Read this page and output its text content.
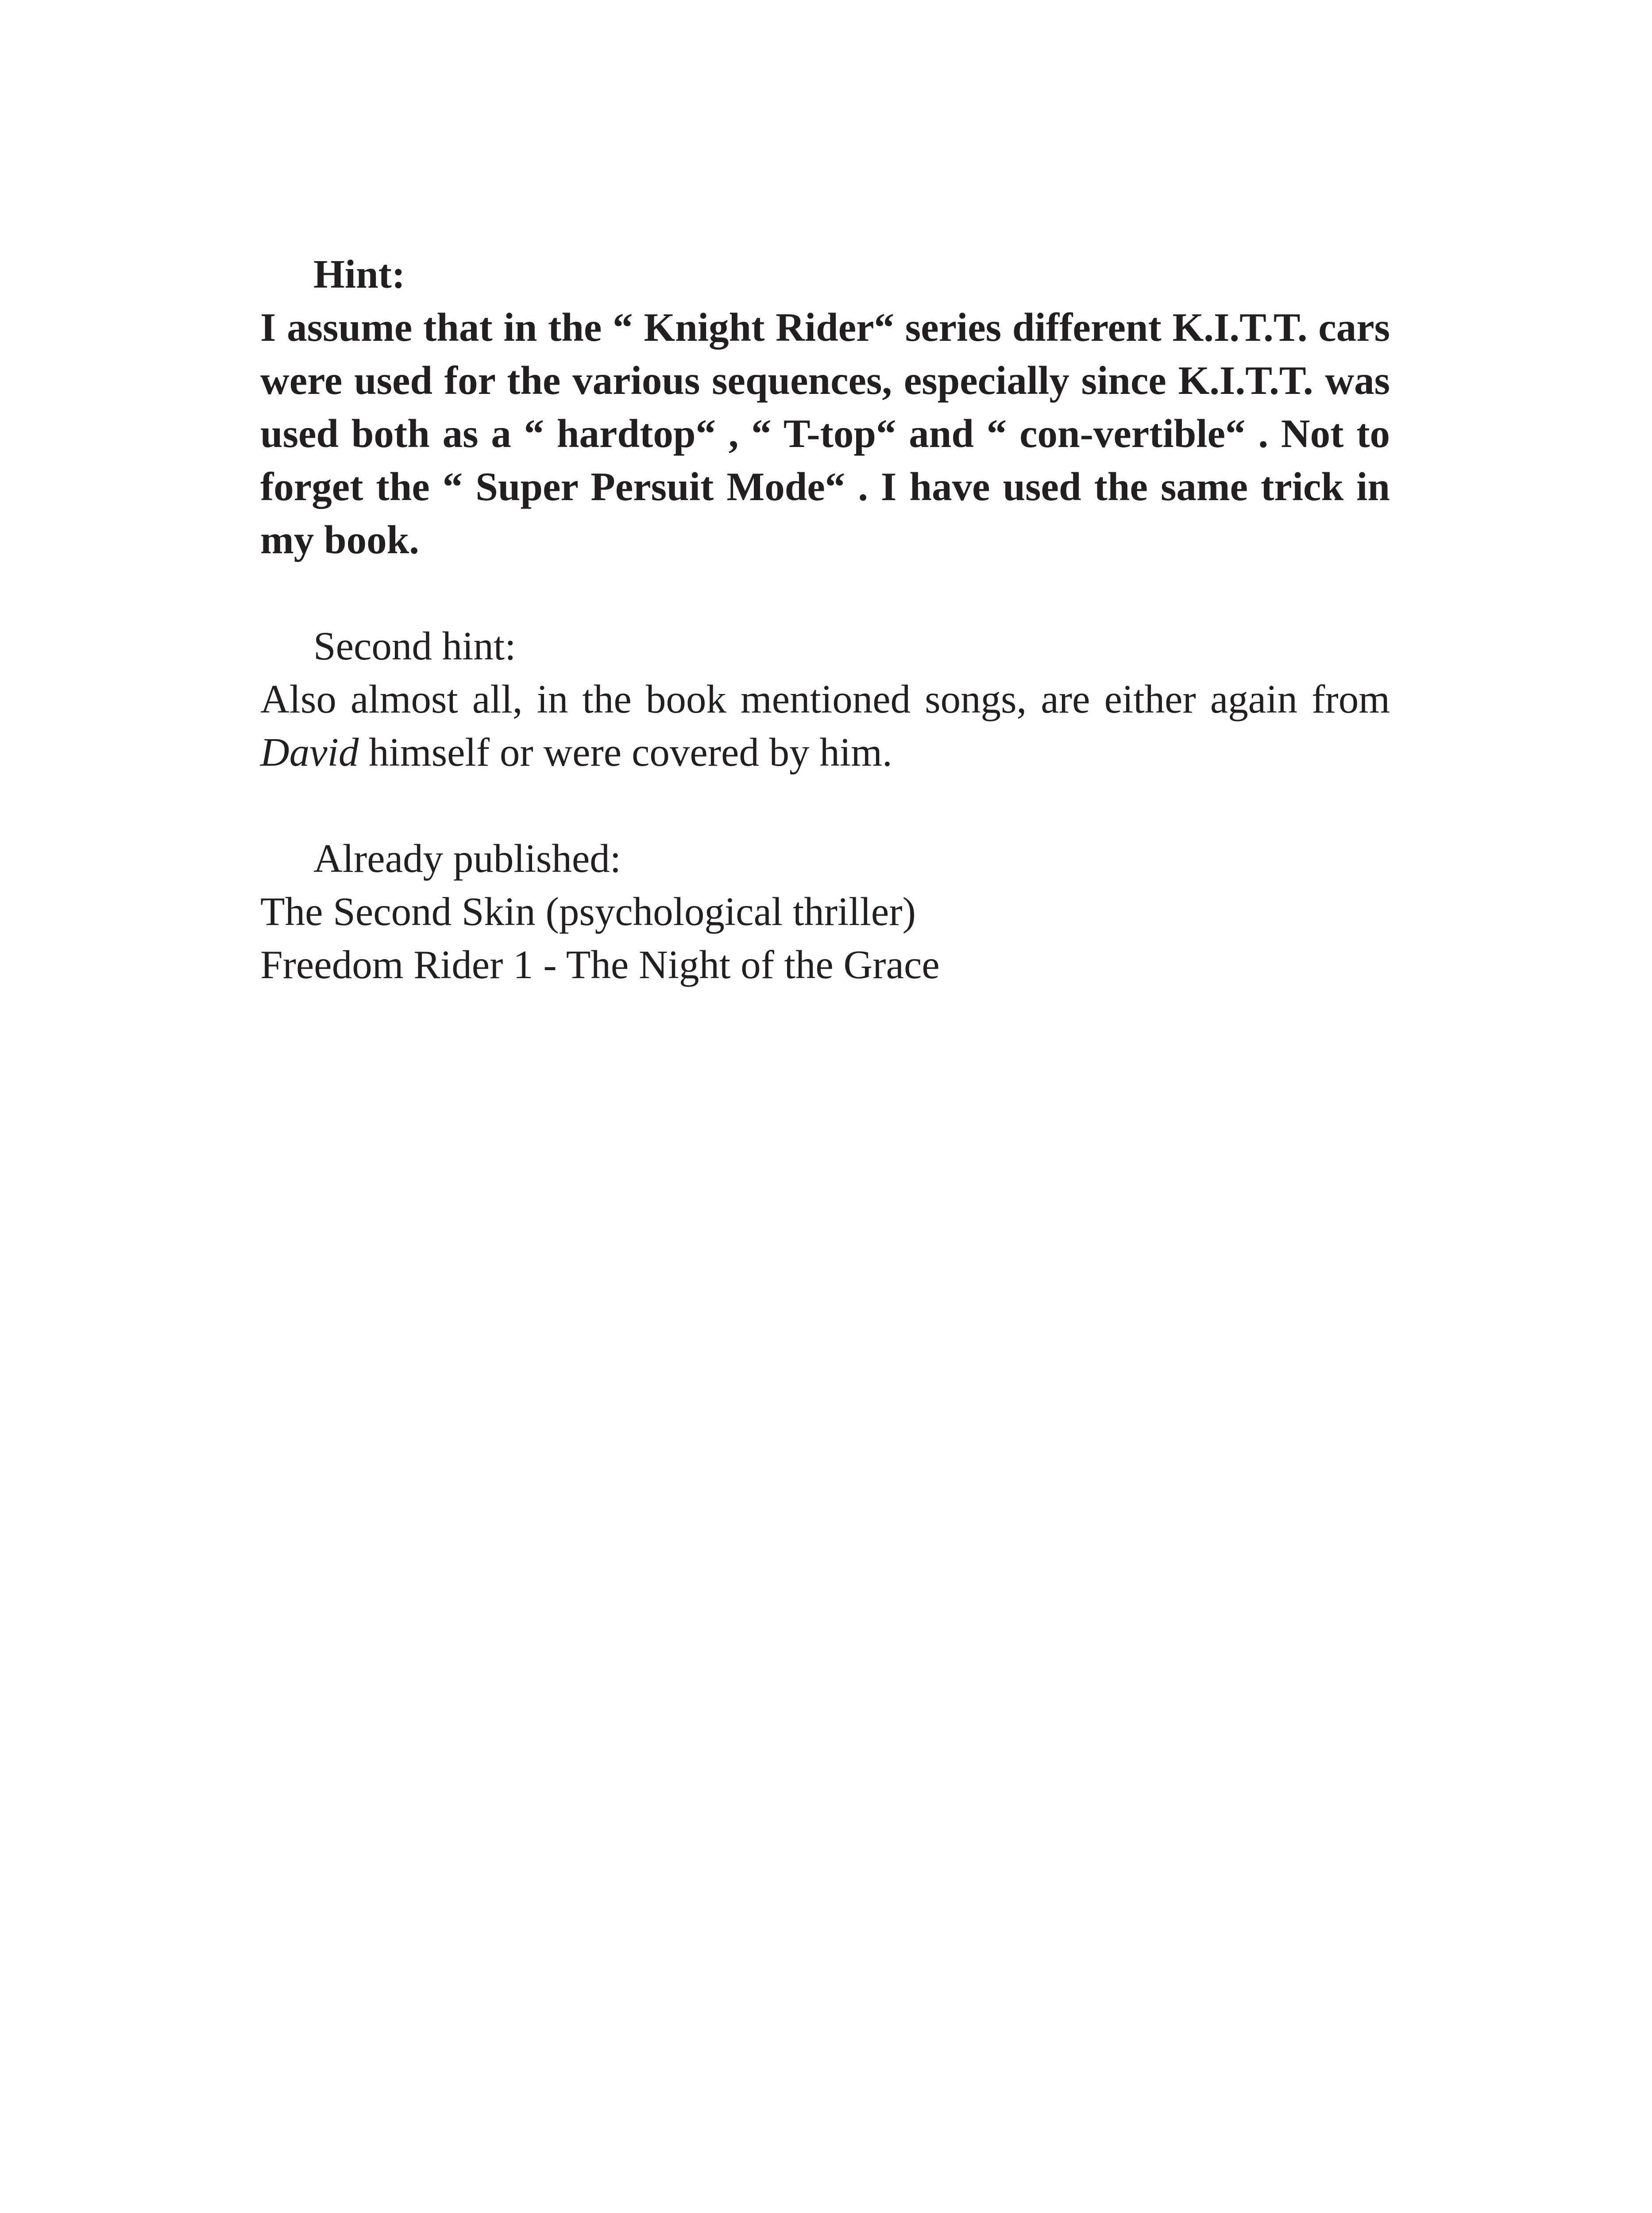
Hint:
I assume that in the “ Knight Rider“ series different K.I.T.T. cars were used for the various sequences, especially since K.I.T.T. was used both as a “ hardtop“ , “ T-top“ and “ con-vertible“ . Not to forget the “ Super Persuit Mode“ . I have used the same trick in my book.
Second hint:
Also almost all, in the book mentioned songs, are either again from David himself or were covered by him.
Already published:
The Second Skin (psychological thriller)
Freedom Rider 1 - The Night of the Grace
